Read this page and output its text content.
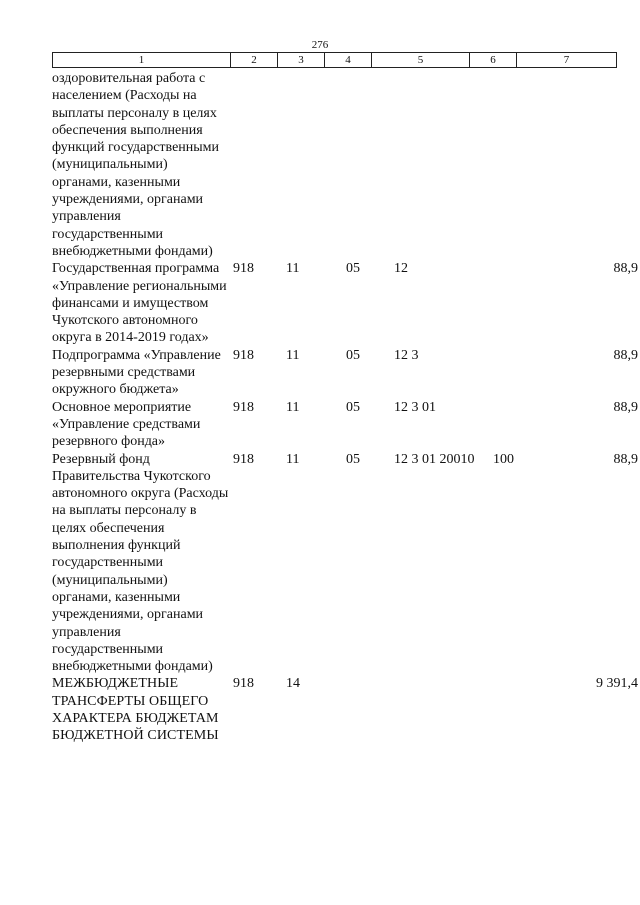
276
1	2	3	4	5	6	7
оздоровительная работа с населением (Расходы на выплаты персоналу в целях обеспечения выполнения функций государственными (муниципальными) органами, казенными учреждениями, органами управления государственными внебюджетными фондами)						
Государственная программа «Управление региональными финансами и имуществом Чукотского автономного округа в 2014-2019 годах»	918	11	05	12		88,9
Подпрограмма «Управление резервными средствами окружного бюджета»	918	11	05	12 3		88,9
Основное мероприятие «Управление средствами резервного фонда»	918	11	05	12 3 01		88,9
Резервный фонд Правительства Чукотского автономного округа (Расходы на выплаты персоналу в целях обеспечения выполнения функций государственными (муниципальными) органами, казенными учреждениями, органами управления государственными внебюджетными фондами)	918	11	05	12 3 01 20010	100	88,9
МЕЖБЮДЖЕТНЫЕ ТРАНСФЕРТЫ ОБЩЕГО ХАРАКТЕРА БЮДЖЕТАМ БЮДЖЕТНОЙ СИСТЕМЫ	918	14				9 391,4
